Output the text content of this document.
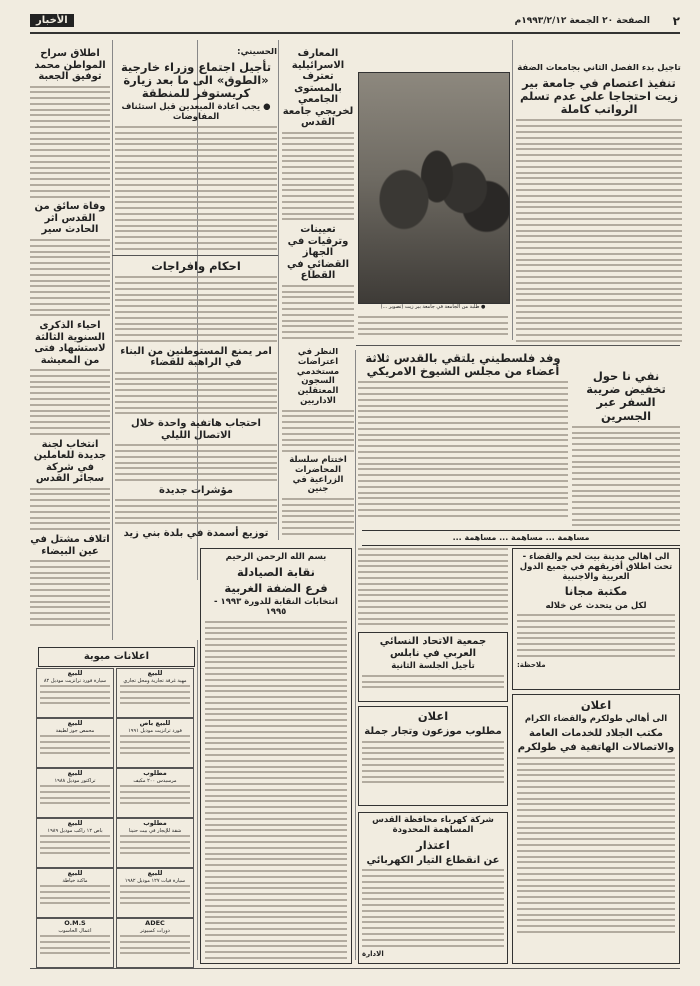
٢
الصفحة ٢٠ الجمعة ١٩٩٣/٢/١٢م
الأخبار
تأجيل بدء الفصل الثاني بجامعات الضفة
تنفيذ اعتصام في جامعة بير زيت احتجاجا على عدم تسلم الرواتب كاملة
● طلبة من الجامعة في جامعة بير زيت (تصوير ...)
المعارف الاسرائيلية تعترف بالمستوى الجامعي لخريجي جامعة القدس
تعيينات وترقيات في الجهاز القضائي في القطاع
الحسيني:
تأجيل اجتماع وزراء خارجية «الطوق» الى ما بعد زيارة كريستوفر للمنطقة
● يجب اعادة المبعدين قبل استئناف المفاوضات
احكام وافراجات
امر يمنع المستوطنين من البناء في الراهبة للقضاء
احتجاب هاتفية واحدة خلال الاتصال الليلي
مؤشرات جديدة
توزيع أسمدة في بلدة بني زيد
النظر في اعتراضات مستخدمي السجون المعتقلين الاداريين
اختتام سلسلة المحاضرات الزراعية في جنين
اطلاق سراح المواطن محمد توفيق الجعبة
وفاة سائق من القدس اثر الحادث سير
احياء الذكرى السنوية الثالثة لاستشهاد فتى من المعيشة
انتخاب لجنة جديدة للعاملين في شركة سجائر القدس
اتلاف مشتل في عين البيضاء
وفد فلسطيني يلتقي بالقدس ثلاثة أعضاء من مجلس الشيوخ الامريكي	نفي نا حول تخفيض ضريبة السفر عبر الجسرين
مساهمة ... مساهمة ... مساهمة ...
الى اهالي مدينة بيت لحم والقضاء - تحت اطلاق أفريقهم في جميع الدول العربية والاجنبية
مكتبة مجانا
لكل من يتحدث عن خلاله
ملاحظة:
جمعية الاتحاد النسائي العربي في نابلس
تأجيل الجلسة الثانية
اعلان
مطلوب موزعون وتجار جملة
شركة كهرباء محافظة القدس المساهمة المحدودة
اعتذار
عن انقطاع التيار الكهربائي
الادارة
اعلان
الى أهالي طولكرم والقضاء الكرام
مكتب الجلاد للخدمات العامة
والاتصالات الهاتفية في طولكرم
بسم الله الرحمن الرحيم
نقابة الصيادلة
فرع الضفة الغربية
انتخابات النقابة للدورة ١٩٩٣ - ١٩٩٥
اعلانات مبوبة
للبيع
مهية غرفة تجارية ومحل تجاري
للبيع
سيارة فورد ترانزيت موديل ٨٢
للبيع باص
فورد ترانزيت موديل ١٩٩١
للبيع
محمص جوز لطيفة
مطلوب
مرسيدس ٢٠٠ مكيف
للبيع
تراكتور موديل ١٩٨٨
مطلوب
شقة للإيجار في بيت حنينا
للبيع
باص ١٢ راكب موديل ١٩٨٩
للبيع
سيارة فيات ١٢٧ موديل ١٩٨٢
للبيع
ماكنة خياطة
ADEC
دورات كمبيوتر
O.M.S
اعمال الحاسوب
